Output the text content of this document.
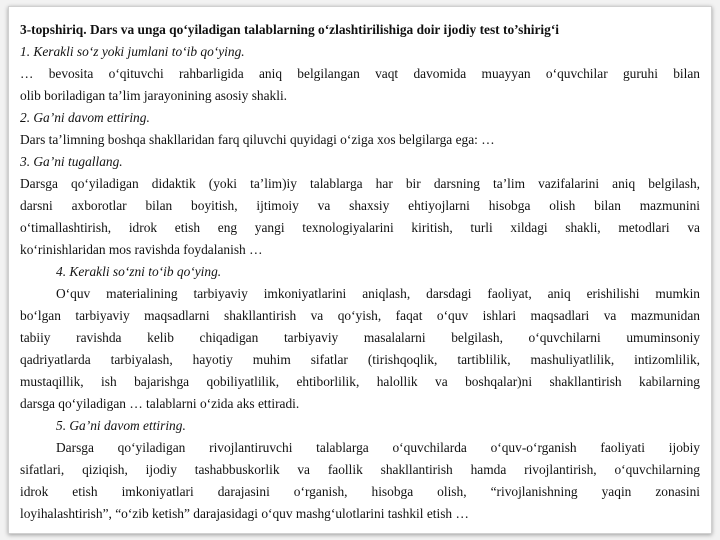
3-topshiriq. Dars va unga qo‘yiladigan talablarning o‘zlashtirilishiga doir ijodiy test to’shirig‘i
1. Kerakli so‘z yoki jumlani to‘ib qo‘ying.
… bevosita o‘qituvchi rahbarligida aniq belgilangan vaqt davomida muayyan o‘quvchilar guruhi bilan
olib boriladigan ta’lim jarayonining asosiy shakli.
2. Ga’ni davom ettiring.
Dars ta’limning boshqa shakllaridan farq qiluvchi quyidagi o‘ziga xos belgilarga ega: …
3. Ga’ni tugallang.
Darsga qo‘yiladigan didaktik (yoki ta’lim)iy talablarga har bir darsning ta’lim vazifalarini aniq belgilash,
darsni axborotlar bilan boyitish, ijtimoiy va shaxsiy ehtiyojlarni hisobga olish bilan mazmunini
o‘timallashtirish, idrok etish eng yangi texnologiyalarini kiritish, turli xildagi shakli, metodlari va
ko‘rinishlaridan mos ravishda foydalanish …
4. Kerakli so‘zni to‘ib qo‘ying.
O‘quv materialining tarbiyaviy imkoniyatlarini aniqlash, darsdagi faoliyat, aniq erishilishi mumkin
bo‘lgan tarbiyaviy maqsadlarni shakllantirish va qo‘yish, faqat o‘quv ishlari maqsadlari va mazmunidan
tabiiy ravishda kelib chiqadigan tarbiyaviy masalalarni belgilash, o‘quvchilarni umuminsoniy
qadriyatlarda tarbiyalash, hayotiy muhim sifatlar (tirishqoqlik, tartiblilik, mashuliyatlilik, intizomlilik,
mustaqillik, ish bajarishga qobiliyatlilik, ehtiborlilik, halollik va boshqalar)ni shakllantirish kabilarning
darsga qo‘yiladigan … talablarni o‘zida aks ettiradi.
5. Ga’ni davom ettiring.
Darsga qo‘yiladigan rivojlantiruvchi talablarga o‘quvchilarda o‘quv-o‘rganish faoliyati ijobiy
sifatlari, qiziqish, ijodiy tashabbuskorlik va faollik shakllantirish hamda rivojlantirish, o‘quvchilarning
idrok etish imkoniyatlari darajasini o‘rganish, hisobga olish, “rivojlanishning yaqin zonasini
loyihalashtirish”, “o‘zib ketish” darajasidagi o‘quv mashg‘ulotlarini tashkil etish …
